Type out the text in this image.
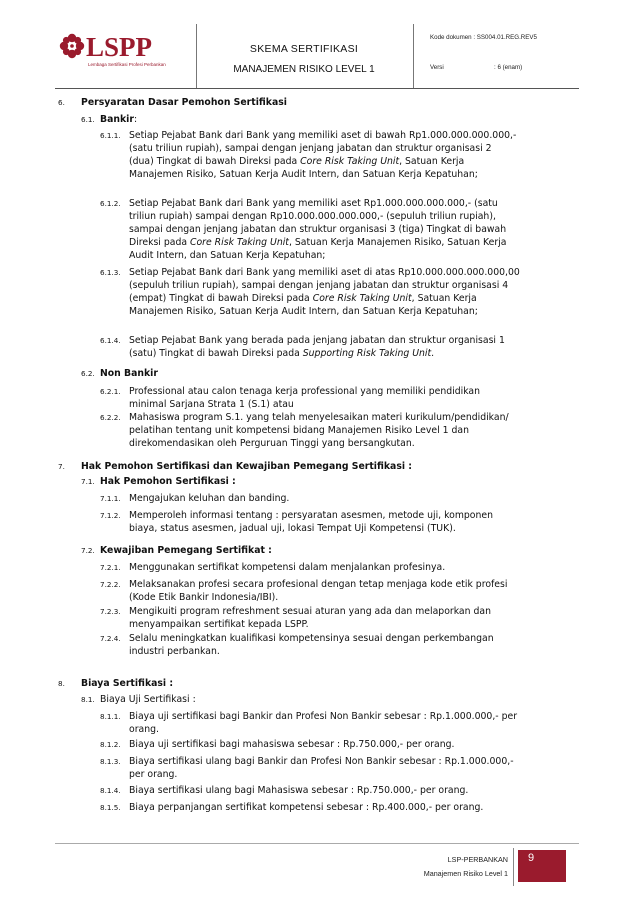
LSPP
Lembaga Sertifikasi Profesi Perbankan
SKEMA SERTIFIKASI
MANAJEMEN RISIKO LEVEL 1
Kode dokumen : SS004.01.REG.REV5
Versi	: 6 (enam)
6. Persyaratan Dasar Pemohon Sertifikasi
6.1. Bankir:
6.1.1. Setiap Pejabat Bank dari Bank yang memiliki aset di bawah Rp1.000.000.000.000,-
(satu triliun rupiah), sampai dengan jenjang jabatan dan struktur organisasi 2
(dua) Tingkat di bawah Direksi pada Core Risk Taking Unit, Satuan Kerja
Manajemen Risiko, Satuan Kerja Audit Intern, dan Satuan Kerja Kepatuhan;
6.1.2. Setiap Pejabat Bank dari Bank yang memiliki aset Rp1.000.000.000.000,- (satu
triliun rupiah) sampai dengan Rp10.000.000.000.000,- (sepuluh triliun rupiah),
sampai dengan jenjang jabatan dan struktur organisasi 3 (tiga) Tingkat di bawah
Direksi pada Core Risk Taking Unit, Satuan Kerja Manajemen Risiko, Satuan Kerja
Audit Intern, dan Satuan Kerja Kepatuhan;
6.1.3. Setiap Pejabat Bank dari Bank yang memiliki aset di atas Rp10.000.000.000.000,00
(sepuluh triliun rupiah), sampai dengan jenjang jabatan dan struktur organisasi 4
(empat) Tingkat di bawah Direksi pada Core Risk Taking Unit, Satuan Kerja
Manajemen Risiko, Satuan Kerja Audit Intern, dan Satuan Kerja Kepatuhan;
6.1.4. Setiap Pejabat Bank yang berada pada jenjang jabatan dan struktur organisasi 1
(satu) Tingkat di bawah Direksi pada Supporting Risk Taking Unit.
6.2. Non Bankir
6.2.1. Professional atau calon tenaga kerja professional yang memiliki pendidikan
minimal Sarjana Strata 1 (S.1) atau
6.2.2. Mahasiswa program S.1. yang telah menyelesaikan materi kurikulum/pendidikan/
pelatihan tentang unit kompetensi bidang Manajemen Risiko Level 1 dan
direkomendasikan oleh Perguruan Tinggi yang bersangkutan.
7. Hak Pemohon Sertifikasi dan Kewajiban Pemegang Sertifikasi :
7.1. Hak Pemohon Sertifikasi :
7.1.1. Mengajukan keluhan dan banding.
7.1.2. Memperoleh informasi tentang : persyaratan asesmen, metode uji, komponen
biaya, status asesmen, jadual uji, lokasi Tempat Uji Kompetensi (TUK).
7.2. Kewajiban Pemegang Sertifikat :
7.2.1. Menggunakan sertifikat kompetensi dalam menjalankan profesinya.
7.2.2. Melaksanakan profesi secara profesional dengan tetap menjaga kode etik profesi
(Kode Etik Bankir Indonesia/IBI).
7.2.3. Mengikuiti program refreshment sesuai aturan yang ada dan melaporkan dan
menyampaikan sertifikat kepada LSPP.
7.2.4. Selalu meningkatkan kualifikasi kompetensinya sesuai dengan perkembangan
industri perbankan.
8. Biaya Sertifikasi :
8.1. Biaya Uji Sertifikasi :
8.1.1. Biaya uji sertifikasi bagi Bankir dan Profesi Non Bankir sebesar : Rp.1.000.000,- per
orang.
8.1.2. Biaya uji sertifikasi bagi mahasiswa sebesar : Rp.750.000,- per orang.
8.1.3. Biaya sertifikasi ulang bagi Bankir dan Profesi Non Bankir sebesar : Rp.1.000.000,-
per orang.
8.1.4. Biaya sertifikasi ulang bagi Mahasiswa sebesar : Rp.750.000,- per orang.
8.1.5. Biaya perpanjangan sertifikat kompetensi sebesar : Rp.400.000,- per orang.
LSP-PERBANKAN
Manajemen Risiko Level 1
9
